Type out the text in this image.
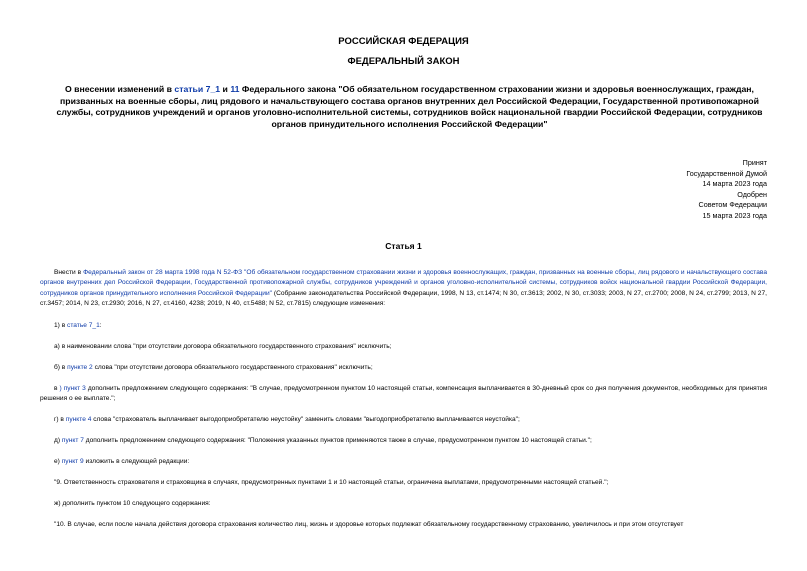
РОССИЙСКАЯ ФЕДЕРАЦИЯ
ФЕДЕРАЛЬНЫЙ ЗАКОН
О внесении изменений в статьи 7_1 и 11 Федерального закона "Об обязательном государственном страховании жизни и здоровья военнослужащих, граждан, призванных на военные сборы, лиц рядового и начальствующего состава органов внутренних дел Российской Федерации, Государственной противопожарной службы, сотрудников учреждений и органов уголовно-исполнительной системы, сотрудников войск национальной гвардии Российской Федерации, сотрудников органов принудительного исполнения Российской Федерации"
Принят
Государственной Думой
14 марта 2023 года
Одобрен
Советом Федерации
15 марта 2023 года
Статья 1
Внести в Федеральный закон от 28 марта 1998 года N 52-ФЗ "Об обязательном государственном страховании жизни и здоровья военнослужащих, граждан, призванных на военные сборы, лиц рядового и начальствующего состава органов внутренних дел Российской Федерации, Государственной противопожарной службы, сотрудников учреждений и органов уголовно-исполнительной системы, сотрудников войск национальной гвардии Российской Федерации, сотрудников органов принудительного исполнения Российской Федерации" (Собрание законодательства Российской Федерации, 1998, N 13, ст.1474; N 30, ст.3613; 2002, N 30, ст.3033; 2003, N 27, ст.2700; 2008, N 24, ст.2799; 2013, N 27, ст.3457; 2014, N 23, ст.2930; 2016, N 27, ст.4160, 4238; 2019, N 40, ст.5488; N 52, ст.7815) следующие изменения:
1) в статье 7_1:
а) в наименовании слова "при отсутствии договора обязательного государственного страхования" исключить;
б) в пункте 2 слова "при отсутствии договора обязательного государственного страхования" исключить;
в ) пункт 3 дополнить предложением следующего содержания: "В случае, предусмотренном пунктом 10 настоящей статьи, компенсация выплачивается в 30-дневный срок со дня получения документов, необходимых для принятия решения о ее выплате.";
г) в пункте 4 слова "страхователь выплачивает выгодоприобретателю неустойку" заменить словами "выгодоприобретателю выплачивается неустойка";
д) пункт 7 дополнить предложением следующего содержания: "Положения указанных пунктов применяются также в случае, предусмотренном пунктом 10 настоящей статьи.";
е) пункт 9 изложить в следующей редакции:
"9. Ответственность страхователя и страховщика в случаях, предусмотренных пунктами 1 и 10 настоящей статьи, ограничена выплатами, предусмотренными настоящей статьей.";
ж) дополнить пунктом 10 следующего содержания:
"10. В случае, если после начала действия договора страхования количество лиц, жизнь и здоровье которых подлежат обязательному государственному страхованию, увеличилось и при этом отсутствует
